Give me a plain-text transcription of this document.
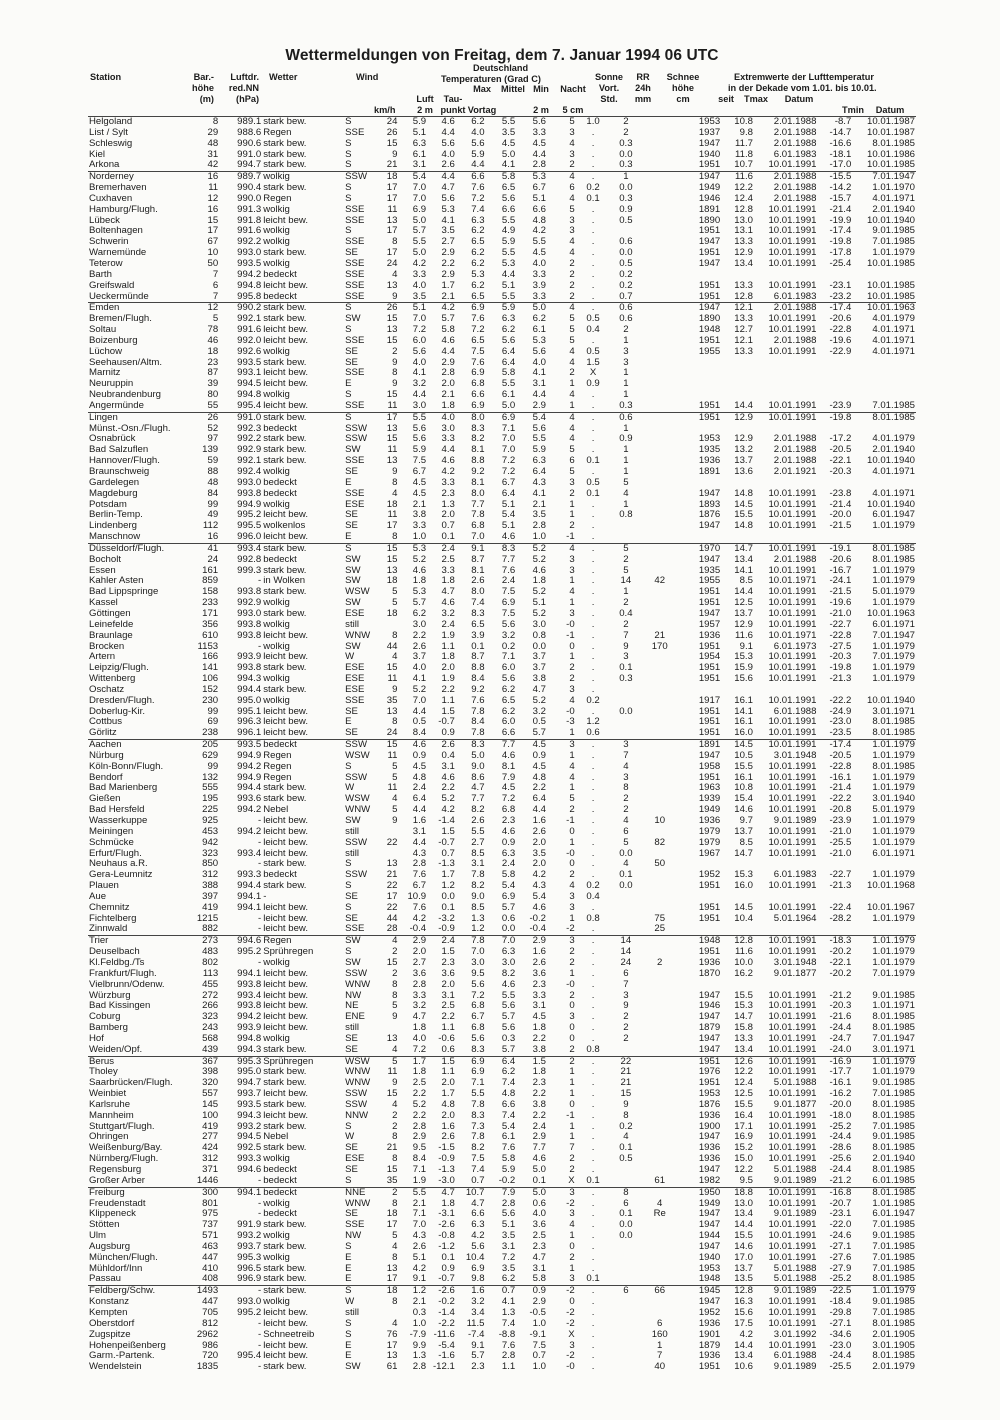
Wettermeldungen von Freitag, dem 7. Januar 1994 06 UTC
Station	Bar.-
höhe
(m)
Luftdr.
red.NN
(hPa)
Wetter	Wind
km/h
Deutschland
Temperaturen (Grad C)
Luft
2 m
Tau-
punkt
Max
Vortag
Mittel Min
2 m
Nacht
5 cm
Sonne
Vort.
Std.
RR
24h
mm
Schnee
höhe
cm
Extremwerte der Lufttemperatur
in der Dekade vom 1.01. bis 10.01.
seit	Tmax	Datum
Tmin	Datum
Helgoland	8	989.1	stark bew.	S	24	5.9	4.6	6.2	5.5	5.6	5	1.0	2		1953	10.8	2.01.1988	-8.7	10.01.1987
List / Sylt	29	988.6	Regen	SSE	26	5.1	4.4	4.0	3.5	3.3	3	.	2		1937	9.8	2.01.1988	-14.7	10.01.1987
Schleswig	48	990.6	stark bew.	S	15	6.3	5.6	5.6	4.5	4.5	4	.	0.3		1947	11.7	2.01.1988	-16.6	8.01.1985
Kiel	31	991.0	stark bew.	S	9	6.1	4.0	5.9	5.0	4.4	3	.	0.0		1940	11.8	6.01.1983	-18.1	10.01.1986
Arkona	42	994.7	stark bew.	S	21	3.1	2.6	4.4	4.1	2.8	2	.	0.3		1951	10.7	10.01.1991	-17.0	10.01.1985
Norderney	16	989.7	wolkig	SSW	18	5.4	4.4	6.6	5.8	5.3	4	.	1		1947	11.6	2.01.1988	-15.5	7.01.1947
Bremerhaven	11	990.4	stark bew.	S	17	7.0	4.7	7.6	6.5	6.7	6	0.2	0.0		1949	12.2	2.01.1988	-14.2	1.01.1970
Cuxhaven	12	990.0	Regen	S	17	7.0	5.6	7.2	5.6	5.1	4	0.1	0.3		1946	12.4	2.01.1988	-15.7	4.01.1971
Hamburg/Flugh.	16	991.3	wolkig	SSE	11	6.9	5.3	7.4	6.6	6.6	5	.	0.9		1891	12.8	10.01.1991	-21.4	2.01.1940
Lübeck	15	991.8	leicht bew.	SSE	13	5.0	4.1	6.3	5.5	4.8	3	.	0.5		1890	13.0	10.01.1991	-19.9	10.01.1940
Boltenhagen	17	991.6	wolkig	S	17	5.7	3.5	6.2	4.9	4.2	3	.			1951	13.1	10.01.1991	-17.4	9.01.1985
Schwerin	67	992.2	wolkig	SSE	8	5.5	2.7	6.5	5.9	5.5	4	.	0.6		1947	13.3	10.01.1991	-19.8	7.01.1985
Warnemünde	10	993.0	stark bew.	SE	17	5.0	2.9	6.2	5.5	4.5	4	.	0.0		1951	12.9	10.01.1991	-17.8	1.01.1979
Teterow	50	993.5	wolkig	SSE	24	4.2	2.2	6.2	5.3	4.0	2	.	0.5		1947	13.4	10.01.1991	-25.4	10.01.1985
Barth	7	994.2	bedeckt	SSE	4	3.3	2.9	5.3	4.4	3.3	2	.	0.2						
Greifswald	6	994.8	leicht bew.	SSE	13	4.0	1.7	6.2	5.1	3.9	2	.	0.2		1951	13.3	10.01.1991	-23.1	10.01.1985
Ueckermünde	7	995.8	bedeckt	SSE	9	3.5	2.1	6.5	5.5	3.3	2	.	0.7		1951	12.8	6.01.1983	-23.2	10.01.1985
Emden	12	990.2	stark bew.	S	26	5.1	4.2	6.9	5.9	5.0	4	.	0.6		1947	12.1	2.01.1988	-17.4	10.01.1963
Bremen/Flugh.	5	992.1	stark bew.	SW	15	7.0	5.7	7.6	6.3	6.2	5	0.5	0.6		1890	13.3	10.01.1991	-20.6	4.01.1979
Soltau	78	991.6	leicht bew.	S	13	7.2	5.8	7.2	6.2	6.1	5	0.4	2		1948	12.7	10.01.1991	-22.8	4.01.1971
Boizenburg	46	992.0	leicht bew.	SSE	15	6.0	4.6	6.5	5.6	5.3	5	.	1		1951	12.1	2.01.1988	-19.6	4.01.1971
Lüchow	18	992.6	wolkig	SE	2	5.6	4.4	7.5	6.4	5.6	4	0.5	3		1955	13.3	10.01.1991	-22.9	4.01.1971
Seehausen/Altm.	23	993.5	stark bew.	SE	9	4.0	2.9	7.6	6.4	4.0	4	1.5	3						
Marnitz	87	993.1	leicht bew.	SSE	8	4.1	2.8	6.9	5.8	4.1	2	X	1						
Neuruppin	39	994.5	leicht bew.	E	9	3.2	2.0	6.8	5.5	3.1	1	0.9	1						
Neubrandenburg	80	994.8	wolkig	S	15	4.4	2.1	6.6	6.1	4.4	4	.	1						
Angermünde	55	995.4	leicht bew.	SSE	11	3.0	1.8	6.9	5.0	2.9	1	.	0.3		1951	14.4	10.01.1991	-23.9	7.01.1985
Lingen	26	991.0	stark bew.	S	17	5.5	4.0	8.0	6.9	5.4	4	.	0.6		1951	12.9	10.01.1991	-19.8	8.01.1985
Münst.-Osn./Flugh.	52	992.3	bedeckt	SSW	13	5.6	3.0	8.3	7.1	5.6	4	.	1						
Osnabrück	97	992.2	stark bew.	SSW	15	5.6	3.3	8.2	7.0	5.5	4	.	0.9		1953	12.9	2.01.1988	-17.2	4.01.1979
Bad Salzuflen	139	992.9	stark bew.	SW	11	5.9	4.4	8.1	7.0	5.9	5	.	1		1935	13.2	2.01.1988	-20.5	2.01.1940
Hannover/Flugh.	59	992.1	stark bew.	SSE	13	7.5	4.6	8.8	7.2	6.3	6	0.1	1		1936	13.7	2.01.1988	-22.1	10.01.1940
Braunschweig	88	992.4	wolkig	SE	9	6.7	4.2	9.2	7.2	6.4	5	.	1		1891	13.6	2.01.1921	-20.3	4.01.1971
Gardelegen	48	993.0	bedeckt	E	8	4.5	3.3	8.1	6.7	4.3	3	0.5	5						
Magdeburg	84	993.8	bedeckt	SSE	4	4.5	2.3	8.0	6.4	4.1	2	0.1	4		1947	14.8	10.01.1991	-23.8	4.01.1971
Potsdam	99	994.9	wolkig	ESE	18	2.1	1.3	7.7	5.1	2.1	1	.	1		1893	14.5	10.01.1991	-21.4	10.01.1940
Berlin-Temp.	49	995.2	leicht bew.	SE	11	3.8	2.0	7.8	5.4	3.5	1	.	0.8		1876	15.5	10.01.1991	-20.0	6.01.1947
Lindenberg	112	995.5	wolkenlos	SE	17	3.3	0.7	6.8	5.1	2.8	2	.			1947	14.8	10.01.1991	-21.5	1.01.1979
Manschnow	16	996.0	leicht bew.	E	8	1.0	0.1	7.0	4.6	1.0	-1	.							
Düsseldorf/Flugh.	41	993.4	stark bew.	S	15	5.3	2.4	9.1	8.3	5.2	4	.	5		1970	14.7	10.01.1991	-19.1	8.01.1985
Bocholt	24	992.8	bedeckt	SW	15	5.2	2.5	8.7	7.7	5.2	3	.	2		1947	13.4	2.01.1988	-20.6	8.01.1985
Essen	161	999.3	stark bew.	SW	13	4.6	3.3	8.1	7.6	4.6	3	.	5		1935	14.1	10.01.1991	-16.7	1.01.1979
Kahler Asten	859	-	in Wolken	SW	18	1.8	1.8	2.6	2.4	1.8	1	.	14	42	1955	8.5	10.01.1971	-24.1	1.01.1979
Bad Lippspringe	158	993.8	stark bew.	WSW	5	5.3	4.7	8.0	7.5	5.2	4	.	1		1951	14.4	10.01.1991	-21.5	5.01.1979
Kassel	233	992.9	wolkig	SW	5	5.7	4.6	7.4	6.9	5.1	1	.	2		1951	12.5	10.01.1991	-19.6	1.01.1979
Göttingen	171	993.0	stark bew.	ESE	18	6.2	3.2	8.3	7.5	5.2	3	.	0.4		1947	13.7	10.01.1991	-21.0	10.01.1963
Leinefelde	356	993.8	wolkig	still		3.0	2.4	6.5	5.6	3.0	-0	.	2		1957	12.9	10.01.1991	-22.7	6.01.1971
Braunlage	610	993.8	leicht bew.	WNW	8	2.2	1.9	3.9	3.2	0.8	-1	.	7	21	1936	11.6	10.01.1971	-22.8	7.01.1947
Brocken	1153	-	wolkig	SW	44	2.6	1.1	0.1	0.2	0.0	0	.	9	170	1951	9.1	6.01.1973	-27.5	1.01.1979
Artern	166	993.9	leicht bew.	W	4	3.7	1.8	8.7	7.1	3.7	1	.	3		1954	15.3	10.01.1991	-20.3	7.01.1979
Leipzig/Flugh.	141	993.8	stark bew.	ESE	15	4.0	2.0	8.8	6.0	3.7	2	.	0.1		1951	15.9	10.01.1991	-19.8	1.01.1979
Wittenberg	106	994.3	wolkig	ESE	11	4.1	1.9	8.4	5.6	3.8	2	.	0.3		1951	15.6	10.01.1991	-21.3	1.01.1979
Oschatz	152	994.4	stark bew.	ESE	9	5.2	2.2	9.2	6.2	4.7	3	.							
Dresden/Flugh.	230	995.0	wolkig	SSE	35	7.0	1.1	7.6	6.5	5.2	4	0.2			1917	16.1	10.01.1991	-22.2	10.01.1940
Doberlug-Kir.	99	995.1	leicht bew.	SE	13	4.4	1.5	7.8	6.2	3.2	-0	.	0.0		1951	14.1	6.01.1988	-24.9	3.01.1971
Cottbus	69	996.3	leicht bew.	E	8	0.5	-0.7	8.4	6.0	0.5	-3	1.2			1951	16.1	10.01.1991	-23.0	8.01.1985
Görlitz	238	996.1	leicht bew.	SE	24	8.4	0.9	7.8	6.6	5.7	1	0.6			1951	16.0	10.01.1991	-23.5	8.01.1985
Aachen	205	993.5	bedeckt	SSW	15	4.6	2.6	8.3	7.7	4.5	3	.	3		1891	14.5	10.01.1991	-17.4	1.01.1979
Nürburg	629	994.9	Regen	WSW	11	0.9	0.4	5.0	4.6	0.9	1	.	7		1947	10.5	3.01.1948	-20.5	1.01.1979
Köln-Bonn/Flugh.	99	994.2	Regen	S	5	4.5	3.1	9.0	8.1	4.5	4	.	4		1958	15.5	10.01.1991	-22.8	8.01.1985
Bendorf	132	994.9	Regen	SSW	5	4.8	4.6	8.6	7.9	4.8	4	.	3		1951	16.1	10.01.1991	-16.1	1.01.1979
Bad Marienberg	555	994.4	stark bew.	W	11	2.4	2.2	4.7	4.5	2.2	1	.	8		1963	10.8	10.01.1991	-21.4	1.01.1979
Gießen	195	993.6	stark bew.	WSW	4	6.4	5.2	7.7	7.2	6.4	5	.	2		1939	15.4	10.01.1991	-22.2	3.01.1940
Bad Hersfeld	225	994.2	Nebel	WNW	5	4.4	4.2	8.2	6.8	4.4	2	.	2		1949	14.6	10.01.1991	-20.8	5.01.1979
Wasserkuppe	925	-	leicht bew.	SW	9	1.6	-1.4	2.6	2.3	1.6	-1	.	4	10	1936	9.7	9.01.1989	-23.9	1.01.1979
Meiningen	453	994.2	leicht bew.	still		3.1	1.5	5.5	4.6	2.6	0	.	6		1979	13.7	10.01.1991	-21.0	1.01.1979
Schmücke	942	-	leicht bew.	SSW	22	4.4	-0.7	2.7	0.9	2.0	1	.	5	82	1979	8.5	10.01.1991	-25.5	1.01.1979
Erfurt/Flugh.	323	993.4	leicht bew.	still		4.3	0.7	8.5	6.3	3.5	-0	.	0.0		1967	14.7	10.01.1991	-21.0	6.01.1971
Neuhaus a.R.	850	-	stark bew.	S	13	2.8	-1.3	3.1	2.4	2.0	0	.	4	50					
Gera-Leumnitz	312	993.3	bedeckt	SSW	21	7.6	1.7	7.8	5.8	4.2	2	.	0.1		1952	15.3	6.01.1983	-22.7	1.01.1979
Plauen	388	994.4	stark bew.	S	22	6.7	1.2	8.2	5.4	4.3	4	0.2	0.0		1951	16.0	10.01.1991	-21.3	10.01.1968
Aue	397	994.1	-	SE	17	10.9	0.0	9.0	6.9	5.4	3	0.4							
Chemnitz	419	994.1	leicht bew.	S	22	7.6	0.1	8.5	5.7	4.6	3	.			1951	14.5	10.01.1991	-22.4	10.01.1967
Fichtelberg	1215	-	leicht bew.	SE	44	4.2	-3.2	1.3	0.6	-0.2	1	0.8		75	1951	10.4	5.01.1964	-28.2	1.01.1979
Zinnwald	882	-	leicht bew.	SSE	28	-0.4	-0.9	1.2	0.0	-0.4	-2	.		25					
Trier	273	994.6	Regen	SW	4	2.9	2.4	7.8	7.0	2.9	3	.	14		1948	12.8	10.01.1991	-18.3	1.01.1979
Deuselbach	483	995.2	Sprühregen	S	2	2.0	1.5	7.0	6.3	1.6	2	.	14		1951	11.6	10.01.1991	-20.2	1.01.1979
Kl.Feldbg./Ts	802	-	wolkig	SW	15	2.7	2.3	3.0	3.0	2.6	2	.	24	2	1936	10.0	3.01.1948	-22.1	1.01.1979
Frankfurt/Flugh.	113	994.1	leicht bew.	SSW	2	3.6	3.6	9.5	8.2	3.6	1	.	6		1870	16.2	9.01.1877	-20.2	7.01.1979
Vielbrunn/Odenw.	455	993.8	leicht bew.	WNW	8	2.8	2.0	5.6	4.6	2.3	-0	.	7						
Würzburg	272	993.4	leicht bew.	NW	8	3.3	3.1	7.2	5.5	3.3	2	.	3		1947	15.5	10.01.1991	-21.2	9.01.1985
Bad Kissingen	266	993.8	leicht bew.	NE	5	3.2	2.5	6.8	5.6	3.1	0	.	9		1946	15.3	10.01.1991	-20.3	1.01.1971
Coburg	323	994.2	leicht bew.	ENE	9	4.7	2.2	6.7	5.7	4.5	3	.	2		1947	14.7	10.01.1991	-21.6	8.01.1985
Bamberg	243	993.9	leicht bew.	still		1.8	1.1	6.8	5.6	1.8	0	.	2		1879	15.8	10.01.1991	-24.4	8.01.1985
Hof	568	994.8	wolkig	SE	13	4.0	-0.6	5.6	0.3	2.2	0	.	2		1947	13.3	10.01.1991	-24.7	7.01.1947
Weiden/Opf.	439	994.3	stark bew.	SE	4	7.2	0.6	8.3	5.7	3.8	2	0.8			1947	13.4	10.01.1991	-24.0	3.01.1971
Berus	367	995.3	Sprühregen	WSW	5	1.7	1.5	6.9	6.4	1.5	2	.	22		1951	12.6	10.01.1991	-16.9	1.01.1979
Tholey	398	995.0	stark bew.	WNW	11	1.8	1.1	6.9	6.2	1.8	1	.	21		1976	12.2	10.01.1991	-17.7	1.01.1979
Saarbrücken/Flugh.	320	994.7	stark bew.	WNW	9	2.5	2.0	7.1	7.4	2.3	1	.	21		1951	12.4	5.01.1988	-16.1	9.01.1985
Weinbiet	557	993.7	leicht bew.	SSW	15	2.2	1.7	5.5	4.8	2.2	1	.	15		1953	12.5	10.01.1991	-16.2	7.01.1985
Karlsruhe	145	993.5	stark bew.	SSW	4	5.2	4.8	7.8	6.6	3.8	0	.	9		1876	15.5	9.01.1877	-20.0	8.01.1985
Mannheim	100	994.3	leicht bew.	NNW	2	2.2	2.0	8.3	7.4	2.2	-1	.	8		1936	16.4	10.01.1991	-18.0	8.01.1985
Stuttgart/Flugh.	419	993.2	stark bew.	S	2	2.8	1.6	7.3	5.4	2.4	1	.	0.2		1900	17.1	10.01.1991	-25.2	7.01.1985
Öhringen	277	994.5	Nebel	W	8	2.9	2.6	7.8	6.1	2.9	1	.	4		1947	16.9	10.01.1991	-24.4	9.01.1985
Weißenburg/Bay.	424	992.5	stark bew.	SE	21	9.5	-1.5	8.2	7.6	7.7	7	.	0.1		1936	15.2	10.01.1991	-28.6	8.01.1985
Nürnberg/Flugh.	312	993.3	wolkig	ESE	8	8.4	-0.9	7.5	5.8	4.6	2	.	0.5		1936	15.0	10.01.1991	-25.6	2.01.1940
Regensburg	371	994.6	bedeckt	SE	15	7.1	-1.3	7.4	5.9	5.0	2	.			1947	12.2	5.01.1988	-24.4	8.01.1985
Großer Arber	1446	-	bedeckt	S	35	1.9	-3.0	0.7	-0.2	0.1	X	0.1		61	1982	9.5	9.01.1989	-21.2	6.01.1985
Freiburg	300	994.1	bedeckt	NNE	2	5.5	4.7	10.7	7.9	5.0	3	.	8		1950	18.8	10.01.1991	-16.8	8.01.1985
Freudenstadt	801	-	wolkig	WNW	8	2.1	1.8	4.7	2.8	0.6	-2	.	6	4	1949	13.0	10.01.1991	-20.7	1.01.1985
Klippeneck	975	-	bedeckt	SE	18	7.1	-3.1	6.6	5.6	4.0	3	.	0.1	Re	1947	13.4	9.01.1989	-23.1	6.01.1947
Stötten	737	991.9	stark bew.	SSE	17	7.0	-2.6	6.3	5.1	3.6	4	.	0.0		1947	14.4	10.01.1991	-22.0	7.01.1985
Ulm	571	993.2	wolkig	NW	5	4.3	-0.8	4.2	3.5	2.5	1	.	0.0		1944	15.5	10.01.1991	-24.6	9.01.1985
Augsburg	463	993.7	stark bew.	S	4	2.6	-1.2	5.6	3.1	2.3	0	.			1947	14.6	10.01.1991	-27.1	7.01.1985
München/Flugh.	447	995.3	wolkig	E	8	5.1	0.1	10.4	7.2	4.7	2	.			1940	17.0	10.01.1991	-27.6	7.01.1985
Mühldorf/Inn	410	996.5	stark bew.	E	13	4.2	0.9	6.9	3.5	3.1	1	.			1953	13.7	5.01.1988	-27.9	7.01.1985
Passau	408	996.9	stark bew.	E	17	9.1	-0.7	9.8	6.2	5.8	3	0.1			1948	13.5	5.01.1988	-25.2	8.01.1985
Feldberg/Schw.	1493	-	stark bew.	S	18	1.2	-2.6	1.6	0.7	0.9	-2	.	6	66	1945	12.8	9.01.1989	-22.5	1.01.1979
Konstanz	447	993.0	wolkig	W	8	2.1	-0.2	3.2	4.1	2.9	0	.			1947	16.3	10.01.1991	-18.4	9.01.1985
Kempten	705	995.2	leicht bew.	still		0.3	-1.4	3.4	1.3	-0.5	-2	.			1952	15.6	10.01.1991	-29.8	7.01.1985
Oberstdorf	812	-	leicht bew.	S	4	1.0	-2.2	11.5	7.4	1.0	-2	.		6	1936	17.5	10.01.1991	-27.1	8.01.1985
Zugspitze	2962	-	Schneetreib	S	76	-7.9	-11.6	-7.4	-8.8	-9.1	X	.		160	1901	4.2	3.01.1992	-34.6	2.01.1905
Hohenpeißenberg	986	-	leicht bew.	E	17	9.9	-5.4	9.1	7.6	7.5	3	.		1	1879	14.4	10.01.1991	-23.0	3.01.1905
Garm.-Partenk.	720	995.4	leicht bew.	E	13	1.3	-1.6	5.7	2.8	0.7	-2	.		7	1936	13.4	6.01.1988	-24.4	8.01.1985
Wendelstein	1835	-	stark bew.	SW	61	2.8	-12.1	2.3	1.1	1.0	-0	.		40	1951	10.6	9.01.1989	-25.5	2.01.1979
